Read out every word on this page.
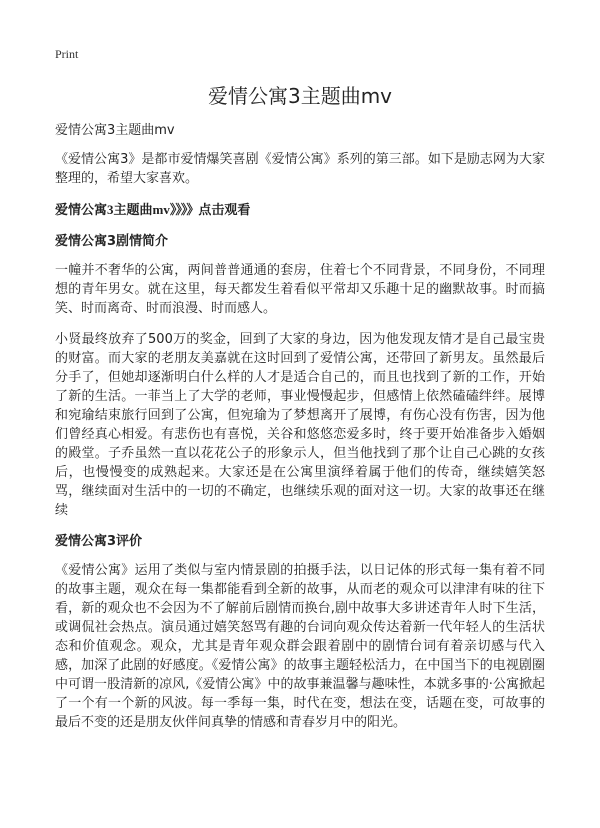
Print
爱情公寓3主题曲mv

爱情公寓3主题曲mv

《爱情公寓3》是都市爱情爆笑喜剧《爱情公寓》系列的第三部。如下是励志网为大家整理的，希望大家喜欢。

爱情公寓3主题曲mv》》》》点击观看

爱情公寓3剧情简介

一幢并不奢华的公寓，两间普普通通的套房，住着七个不同背景，不同身份，不同理想的青年男女。就在这里，每天都发生着看似平常却又乐趣十足的幽默故事。时而搞笑、时而离奇、时而浪漫、时而感人。

小贤最终放弃了500万的奖金，回到了大家的身边，因为他发现友情才是自己最宝贵的财富。而大家的老朋友美嘉就在这时回到了爱情公寓，还带回了新男友。虽然最后分手了，但她却逐渐明白什么样的人才是适合自己的，而且也找到了新的工作，开始了新的生活。一菲当上了大学的老师，事业慢慢起步，但感情上依然磕磕绊绊。展博和宛瑜结束旅行回到了公寓，但宛瑜为了梦想离开了展博，有伤心没有伤害，因为他们曾经真心相爱。有悲伤也有喜悦，关谷和悠悠恋爱多时，终于要开始准备步入婚姻的殿堂。子乔虽然一直以花花公子的形象示人，但当他找到了那个让自己心跳的女孩后，也慢慢变的成熟起来。大家还是在公寓里演绎着属于他们的传奇，继续嬉笑怒骂，继续面对生活中的一切的不确定，也继续乐观的面对这一切。大家的故事还在继续

爱情公寓3评价

《爱情公寓》运用了类似与室内情景剧的拍摄手法，以日记体的形式每一集有着不同的故事主题，观众在每一集都能看到全新的故事，从而老的观众可以津津有味的往下看，新的观众也不会因为不了解前后剧情而换台,剧中故事大多讲述青年人时下生活，或调侃社会热点。演员通过嬉笑怒骂有趣的台词向观众传达着新一代年轻人的生活状态和价值观念。观众，尤其是青年观众群会跟着剧中的剧情台词有着亲切感与代入感，加深了此剧的好感度。《爱情公寓》的故事主题轻松活力，在中国当下的电视剧圈中可谓一股清新的凉风,《爱情公寓》中的故事兼温馨与趣味性，本就多事的·公寓掀起了一个有一个新的风波。每一季每一集，时代在变，想法在变，话题在变，可故事的最后不变的还是朋友伙伴间真挚的情感和青春岁月中的阳光。
